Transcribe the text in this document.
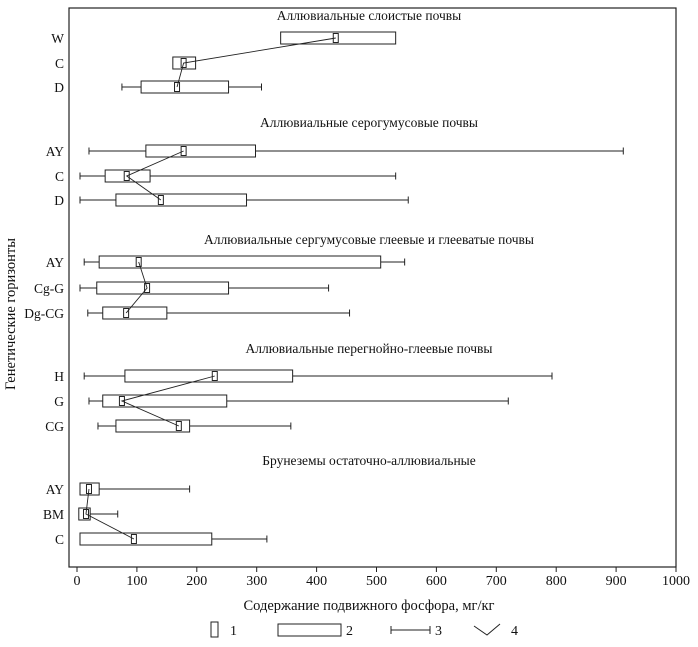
Аллювиальные слоистые почвы
W
C
D
Аллювиальные серогумусовые почвы
AY
C
D
Аллювиальные сергумусовые глеевые и глееватые почвы
AY
Cg-G
Dg-CG
Аллювиальные перегнойно-глеевые почвы
H
G
CG
Брунеземы остаточно-аллювиальные
AY
BM
C
0	100	200	300	400	500	600	700	800	900	1000
1	2	3	4
Содержание подвижного фосфора, мг/кг
Генетические горизонты
